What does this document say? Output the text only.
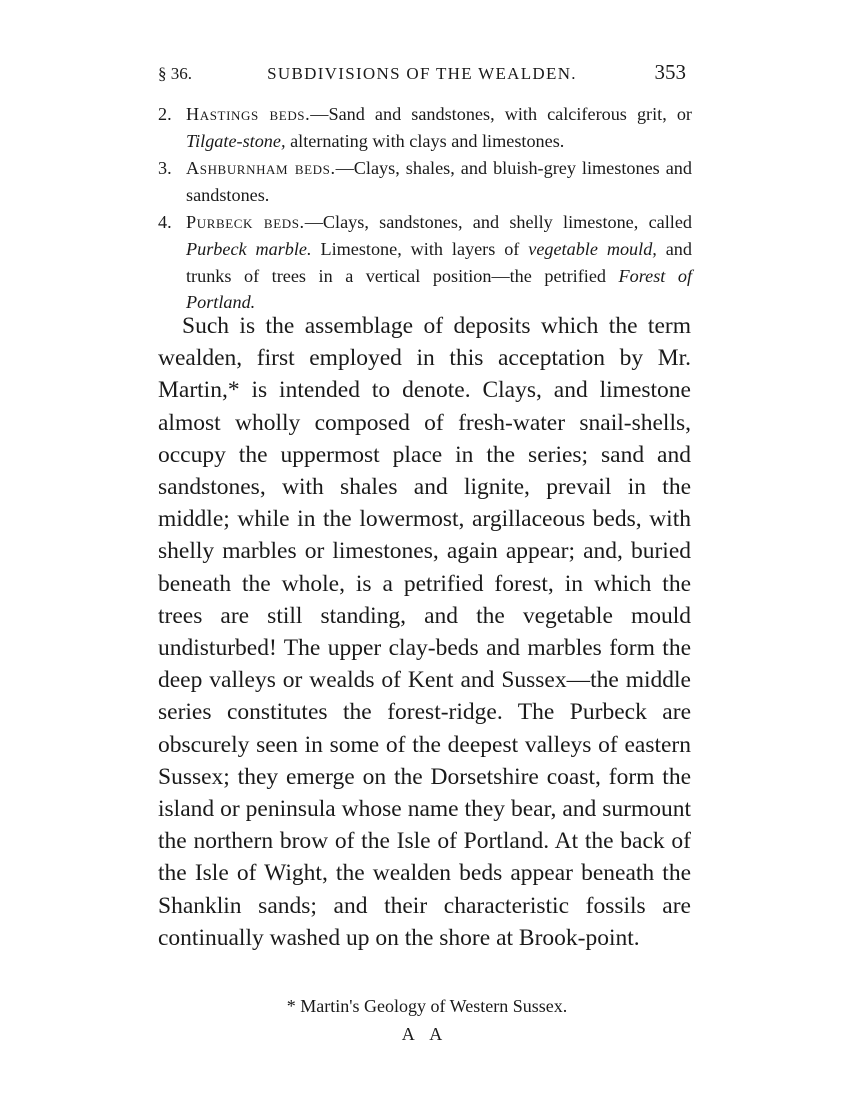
§ 36.	SUBDIVISIONS OF THE WEALDEN.	353
2. Hastings beds.—Sand and sandstones, with calciferous grit, or Tilgate-stone, alternating with clays and limestones.
3. Ashburnham beds.—Clays, shales, and bluish-grey limestones and sandstones.
4. Purbeck beds.—Clays, sandstones, and shelly limestone, called Purbeck marble. Limestone, with layers of vegetable mould, and trunks of trees in a vertical position—the petrified Forest of Portland.

Such is the assemblage of deposits which the term wealden, first employed in this acceptation by Mr. Martin,* is intended to denote. Clays, and limestone almost wholly composed of fresh-water snail-shells, occupy the uppermost place in the series; sand and sandstones, with shales and lignite, prevail in the middle; while in the lowermost, argillaceous beds, with shelly marbles or limestones, again appear; and, buried beneath the whole, is a petrified forest, in which the trees are still standing, and the vegetable mould undisturbed! The upper clay-beds and marbles form the deep valleys or wealds of Kent and Sussex—the middle series constitutes the forest-ridge. The Purbeck are obscurely seen in some of the deepest valleys of eastern Sussex; they emerge on the Dorsetshire coast, form the island or peninsula whose name they bear, and surmount the northern brow of the Isle of Portland. At the back of the Isle of Wight, the wealden beds appear beneath the Shanklin sands; and their characteristic fossils are continually washed up on the shore at Brook-point.

* Martin's Geology of Western Sussex.
A A
